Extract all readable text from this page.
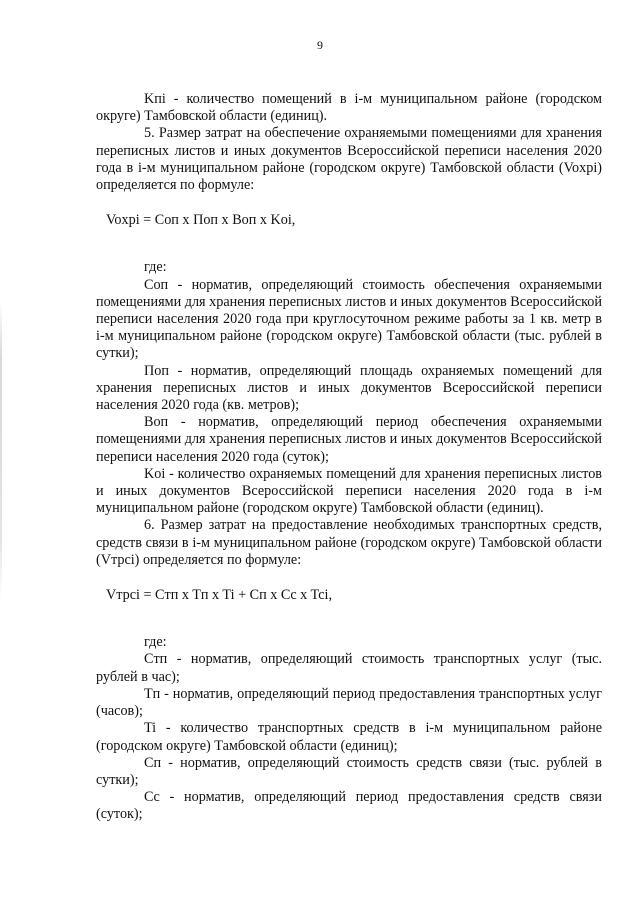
9

Kпi - количество помещений в i-м муниципальном районе (городском округе) Тамбовской области (единиц).

5. Размер затрат на обеспечение охраняемыми помещениями для хранения переписных листов и иных документов Всероссийской переписи населения 2020 года в i-м муниципальном районе (городском округе) Тамбовской области (Voxpi) определяется по формуле:

Voxpi = Coп x Пoп x Boп x Koi,

где:

Coп - норматив, определяющий стоимость обеспечения охраняемыми помещениями для хранения переписных листов и иных документов Всероссийской переписи населения 2020 года при круглосуточном режиме работы за 1 кв. метр в i-м муниципальном районе (городском округе) Тамбовской области (тыс. рублей в сутки);

Пoп - норматив, определяющий площадь охраняемых помещений для хранения переписных листов и иных документов Всероссийской переписи населения 2020 года (кв. метров);

Boп - норматив, определяющий период обеспечения охраняемыми помещениями для хранения переписных листов и иных документов Всероссийской переписи населения 2020 года (суток);

Koi - количество охраняемых помещений для хранения переписных листов и иных документов Всероссийской переписи населения 2020 года в i-м муниципальном районе (городском округе) Тамбовской области (единиц).

6. Размер затрат на предоставление необходимых транспортных средств, средств связи в i-м муниципальном районе (городском округе) Тамбовской области (Vтрсi) определяется по формуле:

Vтрсi = Cтп x Tп x Ti + Cп x Cc x Tci,

где:

Cтп - норматив, определяющий стоимость транспортных услуг (тыс. рублей в час);

Tп - норматив, определяющий период предоставления транспортных услуг (часов);

Ti - количество транспортных средств в i-м муниципальном районе (городском округе) Тамбовской области (единиц);

Cп - норматив, определяющий стоимость средств связи (тыс. рублей в сутки);

Cc - норматив, определяющий период предоставления средств связи (суток);
